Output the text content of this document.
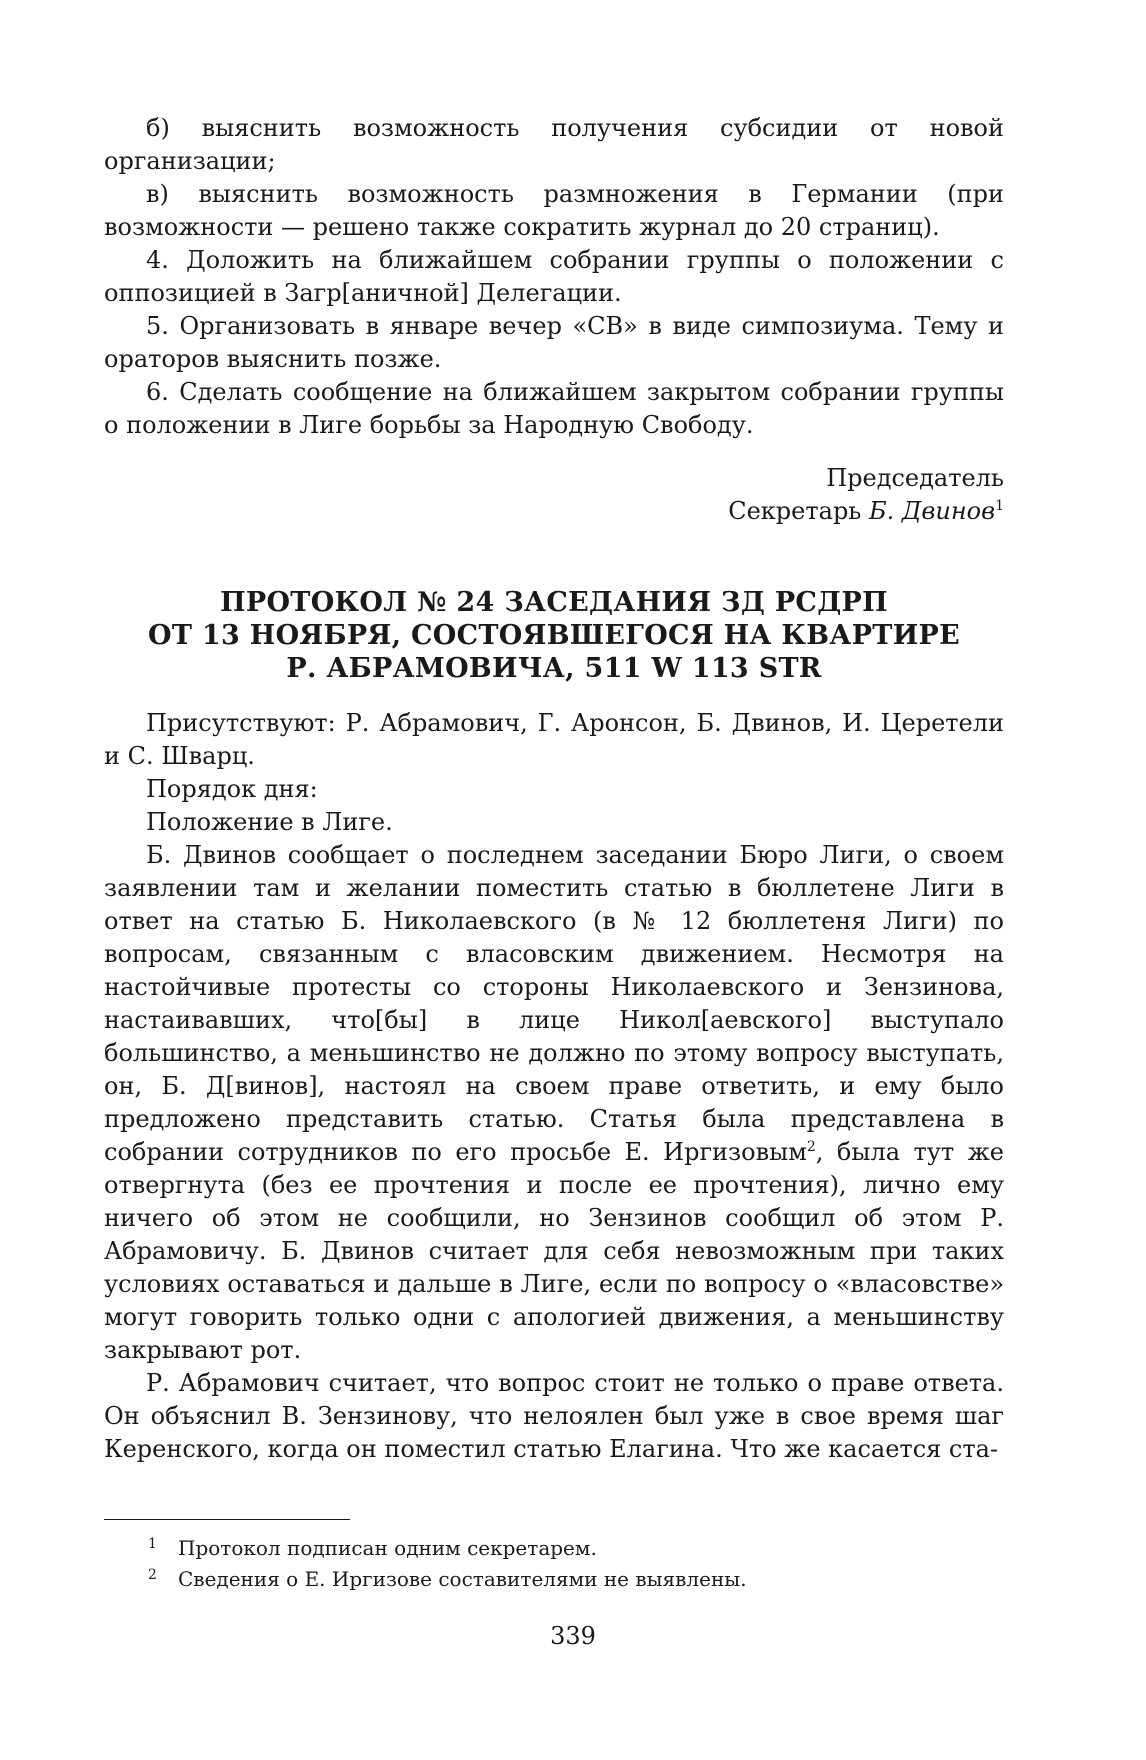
б) выяснить возможность получения субсидии от новой организации;

в) выяснить возможность размножения в Германии (при возможности — решено также сократить журнал до 20 страниц).

4. Доложить на ближайшем собрании группы о положении с оппозицией в Загр[аничной] Делегации.

5. Организовать в январе вечер «СВ» в виде симпозиума. Тему и ораторов выяснить позже.

6. Сделать сообщение на ближайшем закрытом собрании группы о положении в Лиге борьбы за Народную Свободу.

Председатель
Секретарь Б. Двинов$^1$
ПРОТОКОЛ № 24 ЗАСЕДАНИЯ ЗД РСДРП
ОТ 13 НОЯБРЯ, СОСТОЯВШЕГОСЯ НА КВАРТИРЕ
Р. АБРАМОВИЧА, 511 W 113 STR

Присутствуют: Р. Абрамович, Г. Аронсон, Б. Двинов, И. Церетели и С. Шварц.

Порядок дня:

Положение в Лиге.

Б. Двинов сообщает о последнем заседании Бюро Лиги, о своем заявлении там и желании поместить статью в бюллетене Лиги в ответ на статью Б. Николаевского (в № 12 бюллетеня Лиги) по вопросам, связанным с власовским движением. Несмотря на настойчивые протесты со стороны Николаевского и Зензинова, настаивавших, что[бы] в лице Никол[аевского] выступало большинство, а меньшинство не должно по этому вопросу выступать, он, Б. Д[винов], настоял на своем праве ответить, и ему было предложено представить статью. Статья была представлена в собрании сотрудников по его просьбе Е. Иргизовым$^2$, была тут же отвергнута (без ее прочтения и после ее прочтения), лично ему ничего об этом не сообщили, но Зензинов сообщил об этом Р. Абрамовичу. Б. Двинов считает для себя невозможным при таких условиях оставаться и дальше в Лиге, если по вопросу о «власовстве» могут говорить только одни с апологией движения, а меньшинству закрывают рот.

Р. Абрамович считает, что вопрос стоит не только о праве ответа. Он объяснил В. Зензинову, что нелоялен был уже в свое время шаг Керенского, когда он поместил статью Елагина. Что же касается ста-

1 Протокол подписан одним секретарем.
2 Сведения о Е. Иргизове составителями не выявлены.
339
